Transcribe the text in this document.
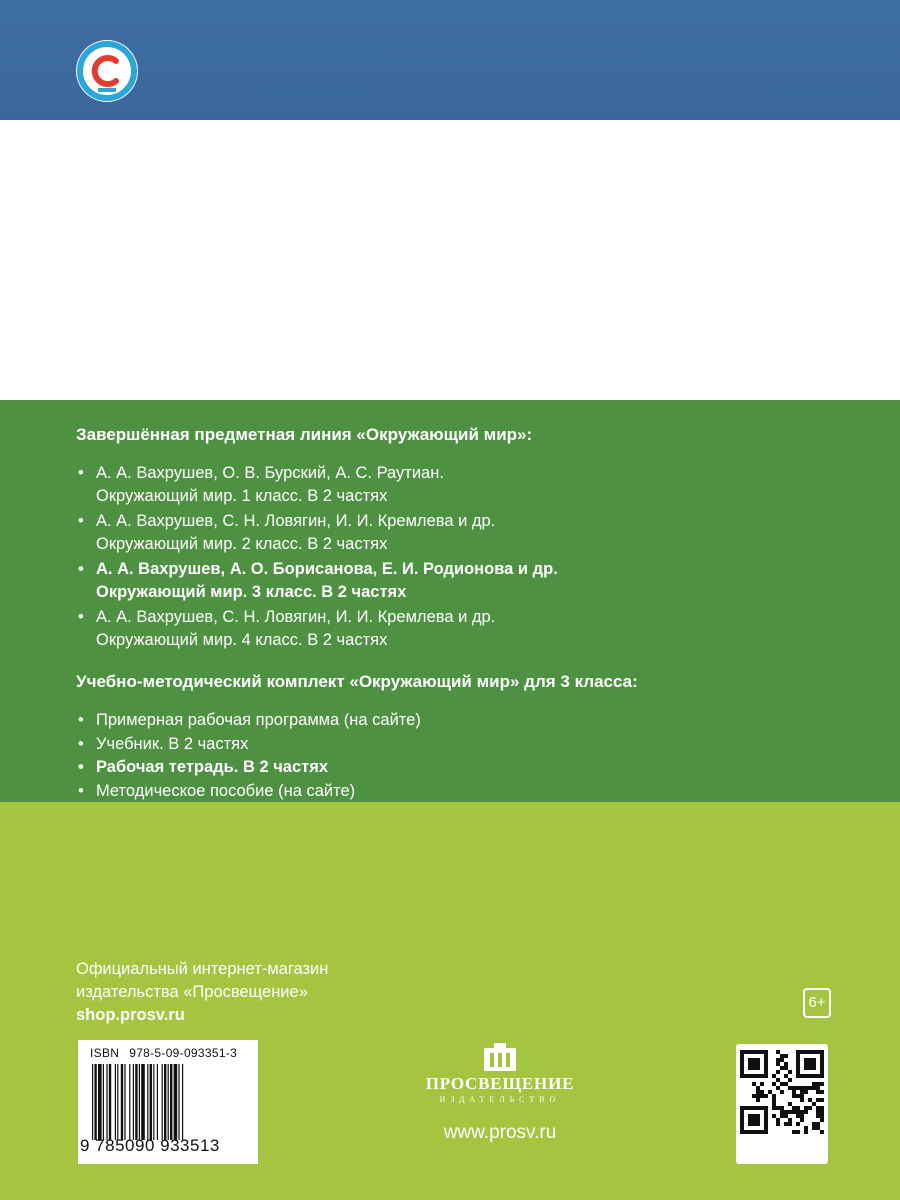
Завершённая предметная линия «Окружающий мир»:
• А. А. Вахрушев, О. В. Бурский, А. С. Раутиан.
Окружающий мир. 1 класс. В 2 частях
• А. А. Вахрушев, С. Н. Ловягин, И. И. Кремлева и др.
Окружающий мир. 2 класс. В 2 частях
• А. А. Вахрушев, А. О. Борисанова, Е. И. Родионова и др.
Окружающий мир. 3 класс. В 2 частях
• А. А. Вахрушев, С. Н. Ловягин, И. И. Кремлева и др.
Окружающий мир. 4 класс. В 2 частях
Учебно-методический комплект «Окружающий мир» для 3 класса:
• Примерная рабочая программа (на сайте)
• Учебник. В 2 частях
• Рабочая тетрадь. В 2 частях
• Методическое пособие (на сайте)
Официальный интернет-магазин
издательства «Просвещение»
shop.prosv.ru
6+
ISBN 978-5-09-093351-3
9 785090 933513
ПРОСВЕЩЕНИЕ
ИЗДАТЕЛЬСТВО
www.prosv.ru
